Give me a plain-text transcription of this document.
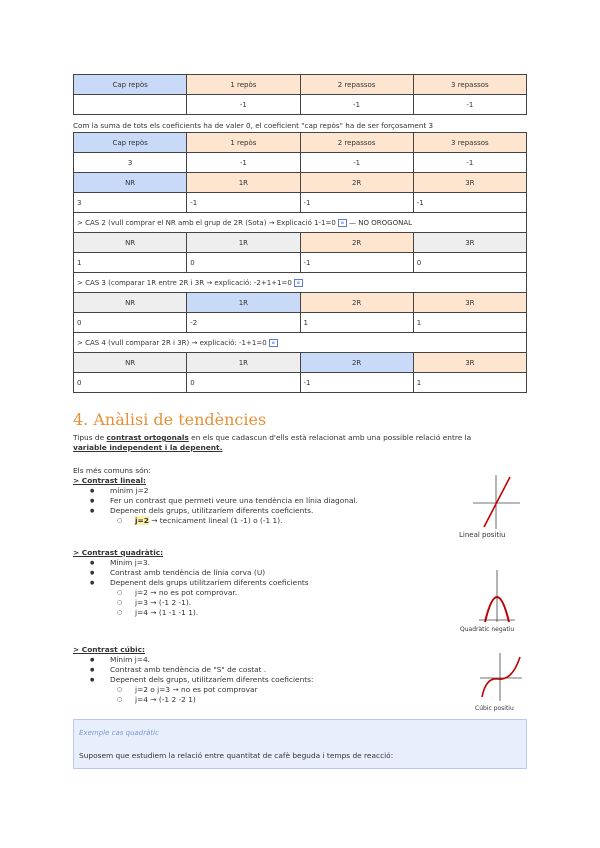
Cap repòs	1 repòs	2 repassos	3 repassos
	-1	-1	-1
Com la suma de tots els coeficients ha de valer 0, el coeficient "cap repòs" ha de ser forçosament 3
Cap repòs	1 repòs	2 repassos	3 repassos
3	-1	-1	-1
NR	1R	2R	3R
3	-1	-1	-1
> CAS 2 (vull comprar el NR amb el grup de 2R (Sota) → Explicació 1-1=0 ⊠ — NO OROGONAL			
NR	1R	2R	3R
1	0	-1	0
> CAS 3 (comparar 1R entre 2R i 3R → explicació: -2+1+1=0 ⊠			
NR	1R	2R	3R
0	-2	1	1
> CAS 4 (vull comparar 2R i 3R) → explicació: -1+1=0 ⊠			
NR	1R	2R	3R
0	0	-1	1
4. Anàlisi de tendències
Tipus de contrast ortogonals en els que cadascun d'ells està relacionat amb una possible relació entre la
variable independent i la depenent.
Els més comuns són:
> Contrast lineal:
● mínim j=2
● Fer un contrast que permeti veure una tendència en línia diagonal.
● Depenent dels grups, utilitzaríem diferents coeficients.
○ j=2 → tecnicament lineal (1 -1) o (-1 1).
> Contrast quadràtic:
● Mínim j=3.
● Contrast amb tendència de línia corva (U)
● Depenent dels grups utilitzaríem diferents coeficients
○ j=2 → no es pot comprovar.
○ j=3 → (-1 2 -1).
○ j=4 → (1 -1 -1 1).
> Contrast cúbic:
● Mínim j=4.
● Contrast amb tendència de "S" de costat .
● Depenent dels grups, utilitzaríem diferents coeficients:
○ j=2 o j=3 → no es pot comprovar
○ j=4 → (-1 2 -2 1)
Lineal positiu
Quadràtic negatiu
Cúbic positiu
Exemple cas quadràtic
Suposem que estudiem la relació entre quantitat de cafè beguda i temps de reacció:
